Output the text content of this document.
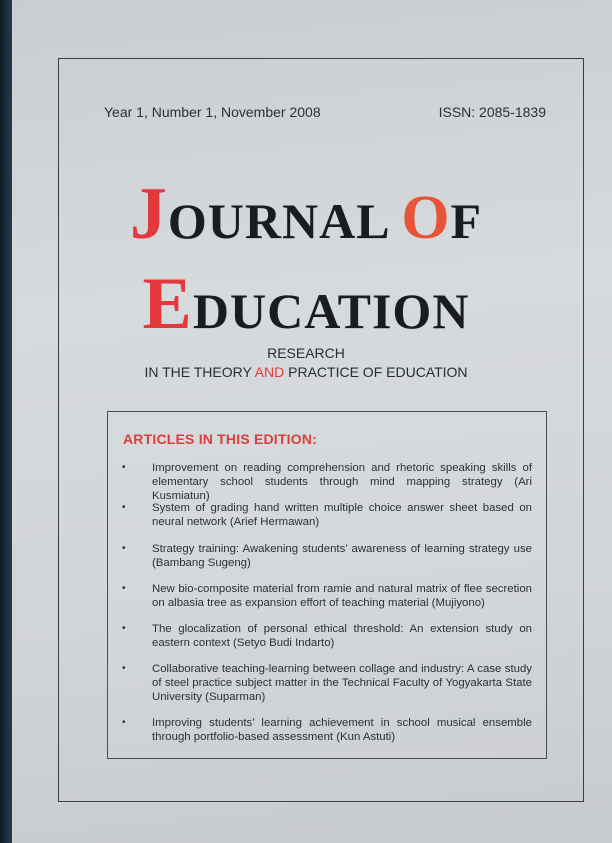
Year 1, Number 1, November 2008	ISSN: 2085-1839
JOURNAL OF
EDUCATION
RESEARCH
IN THE THEORY AND PRACTICE OF EDUCATION
ARTICLES IN THIS EDITION:
• Improvement on reading comprehension and rhetoric speaking skills of elementary school students through mind mapping strategy (Ari Kusmiatun)
• System of grading hand written multiple choice answer sheet based on neural network (Arief Hermawan)
• Strategy training: Awakening students’ awareness of learning strategy use (Bambang Sugeng)
• New bio-composite material from ramie and natural matrix of flee secretion on albasia tree as expansion effort of teaching material (Mujiyono)
• The glocalization of personal ethical threshold: An extension study on eastern context (Setyo Budi Indarto)
• Collaborative teaching-learning between collage and industry: A case study of steel practice subject matter in the Technical Faculty of Yogyakarta State University (Suparman)
• Improving students’ learning achievement in school musical ensemble through portfolio-based assessment (Kun Astuti)
